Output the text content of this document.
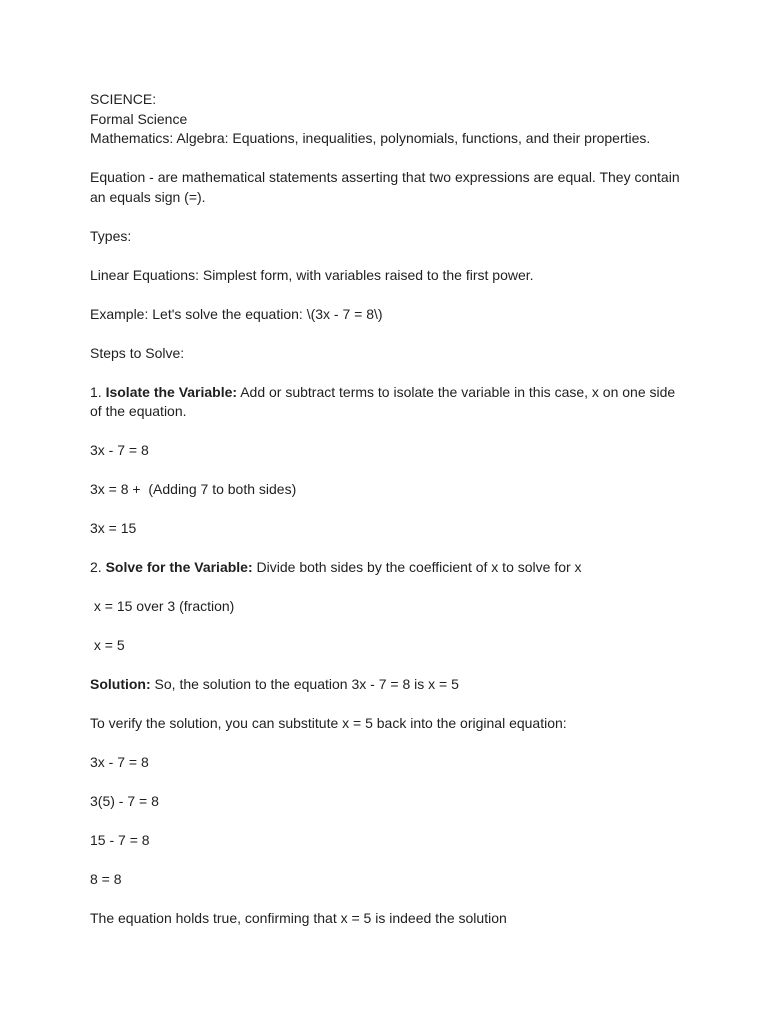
SCIENCE:
Formal Science
Mathematics: Algebra: Equations, inequalities, polynomials, functions, and their properties.
Equation - are mathematical statements asserting that two expressions are equal. They contain an equals sign (=).
Types:
Linear Equations: Simplest form, with variables raised to the first power.
Example: Let's solve the equation: \(3x - 7 = 8\)
Steps to Solve:
1. Isolate the Variable: Add or subtract terms to isolate the variable in this case, x on one side of the equation.
3x - 7 = 8
3x = 8 +  (Adding 7 to both sides)
3x = 15
2. Solve for the Variable: Divide both sides by the coefficient of x to solve for x
x = 15 over 3 (fraction)
x = 5
Solution: So, the solution to the equation 3x - 7 = 8 is x = 5
To verify the solution, you can substitute x = 5 back into the original equation:
3x - 7 = 8
3(5) - 7 = 8
15 - 7 = 8
8 = 8
The equation holds true, confirming that x = 5 is indeed the solution
